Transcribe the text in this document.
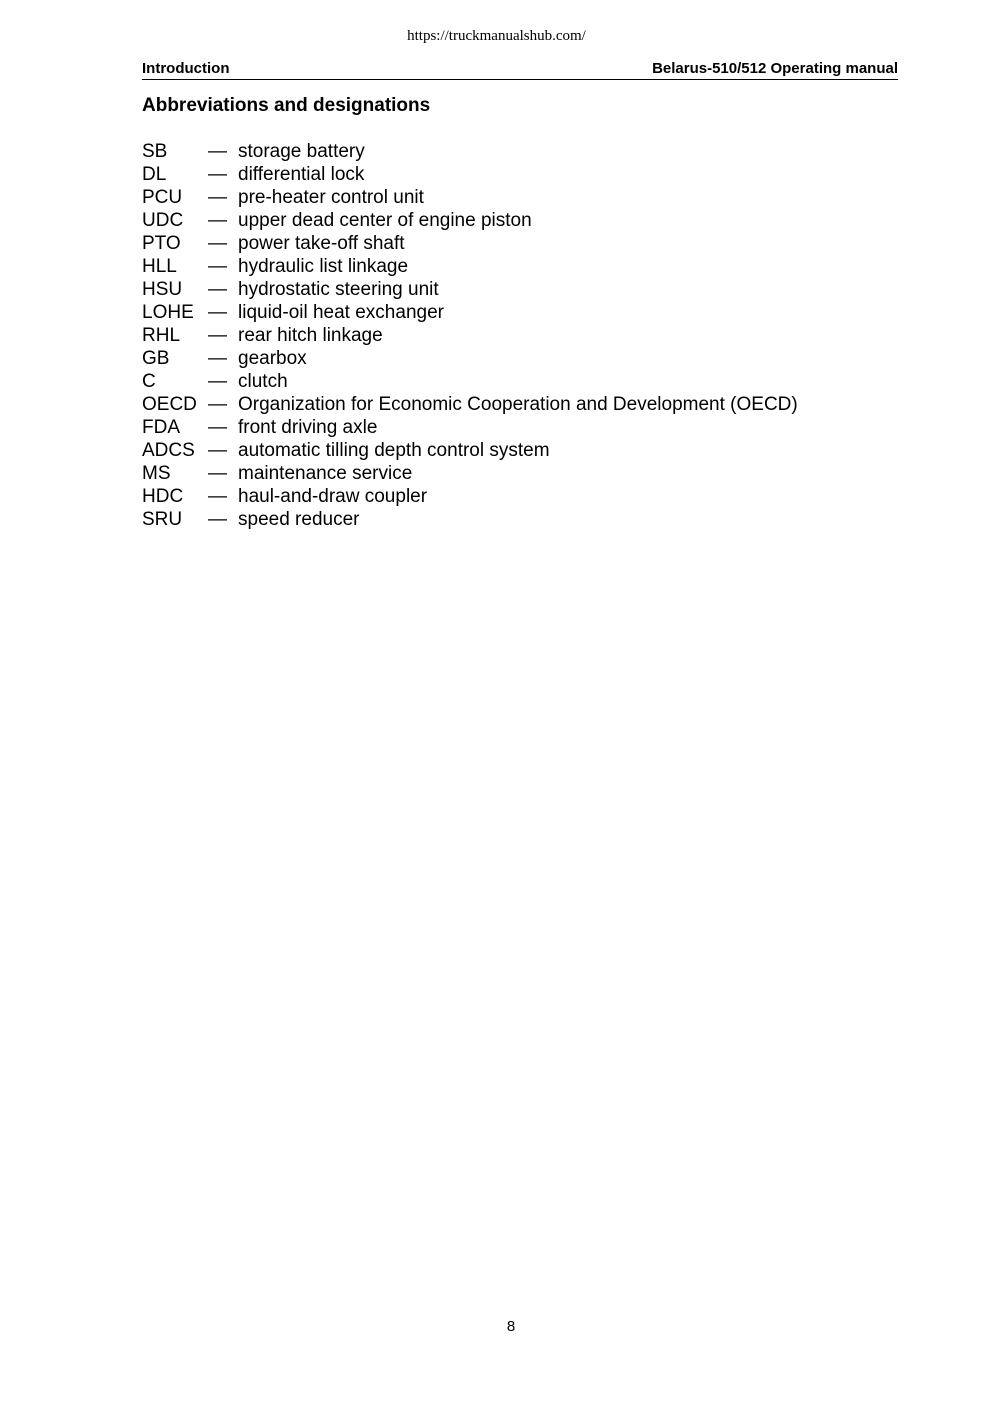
https://truckmanualshub.com/
Introduction	Belarus-510/512 Operating manual
Abbreviations and designations
SB	— storage battery
DL	— differential lock
PCU	— pre-heater control unit
UDC	— upper dead center of engine piston
PTO	— power take-off shaft
HLL	— hydraulic list linkage
HSU	— hydrostatic steering unit
LOHE — liquid-oil heat exchanger
RHL	— rear hitch linkage
GB	— gearbox
C	— clutch
OECD — Organization for Economic Cooperation and Development (OECD)
FDA	— front driving axle
ADCS — automatic tilling depth control system
MS	— maintenance service
HDC	— haul-and-draw coupler
SRU	— speed reducer
8
